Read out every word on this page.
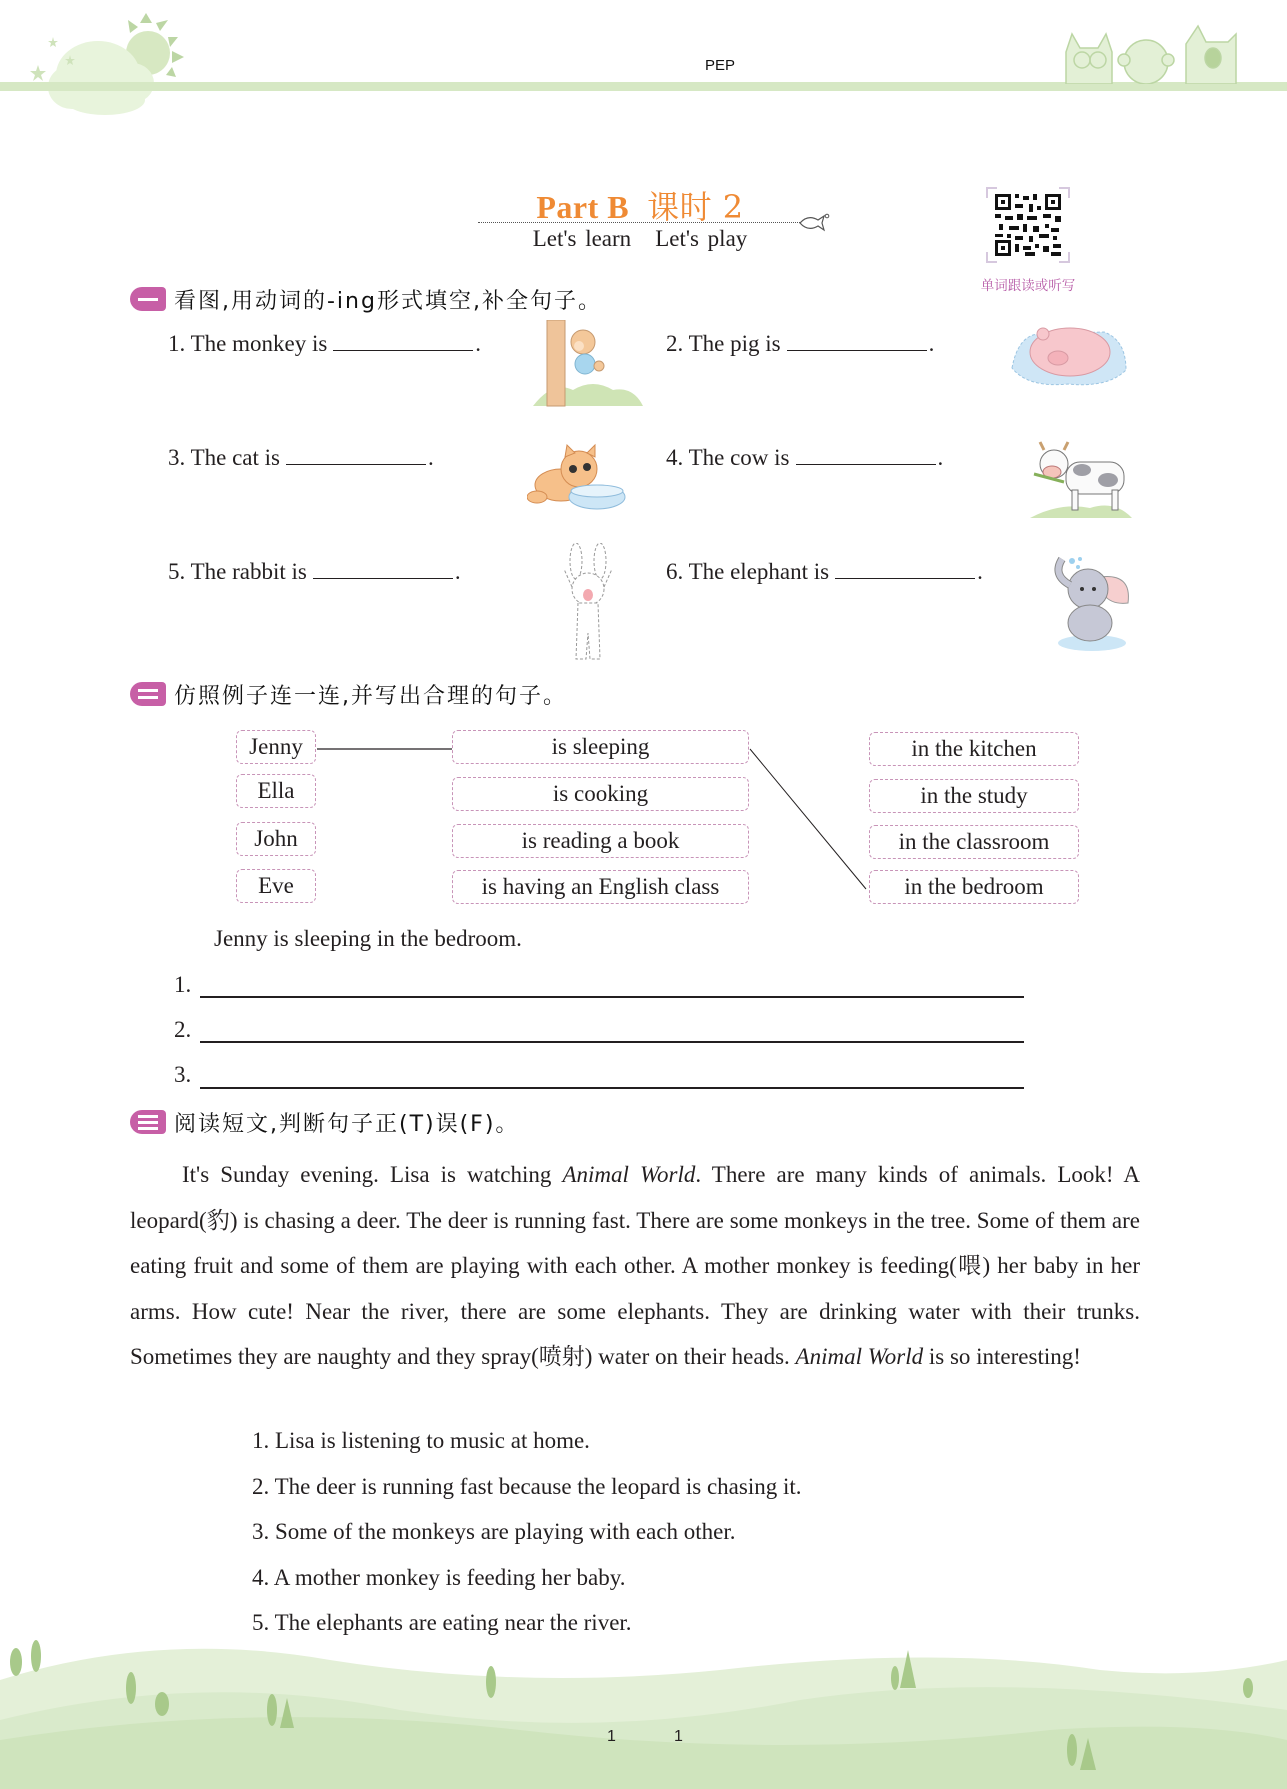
PEP
Part B 课时 2
Let's learn Let's play
单词跟读或听写
看图,用动词的-ing形式填空,补全句子。
1. The monkey is	.	2. The pig is	.
3. The cat is	.	4. The cow is	.
5. The rabbit is	.	6. The elephant is	.
仿照例子连一连,并写出合理的句子。
Jenny
Ella
John
Eve
is sleeping
is cooking
is reading a book
is having an English class
in the kitchen
in the study
in the classroom
in the bedroom
Jenny is sleeping in the bedroom.
1.
2.
3.
阅读短文,判断句子正(T)误(F)。
It's Sunday evening. Lisa is watching Animal World. There are many kinds of animals. Look! A leopard(豹) is chasing a deer. The deer is running fast. There are some monkeys in the tree. Some of them are eating fruit and some of them are playing with each other. A mother monkey is feeding(喂) her baby in her arms. How cute! Near the river, there are some elephants. They are drinking water with their trunks. Sometimes they are naughty and they spray(喷射) water on their heads. Animal World is so interesting!
1. Lisa is listening to music at home.
2. The deer is running fast because the leopard is chasing it.
3. Some of the monkeys are playing with each other.
4. A mother monkey is feeding her baby.
5. The elephants are eating near the river.
1	1
